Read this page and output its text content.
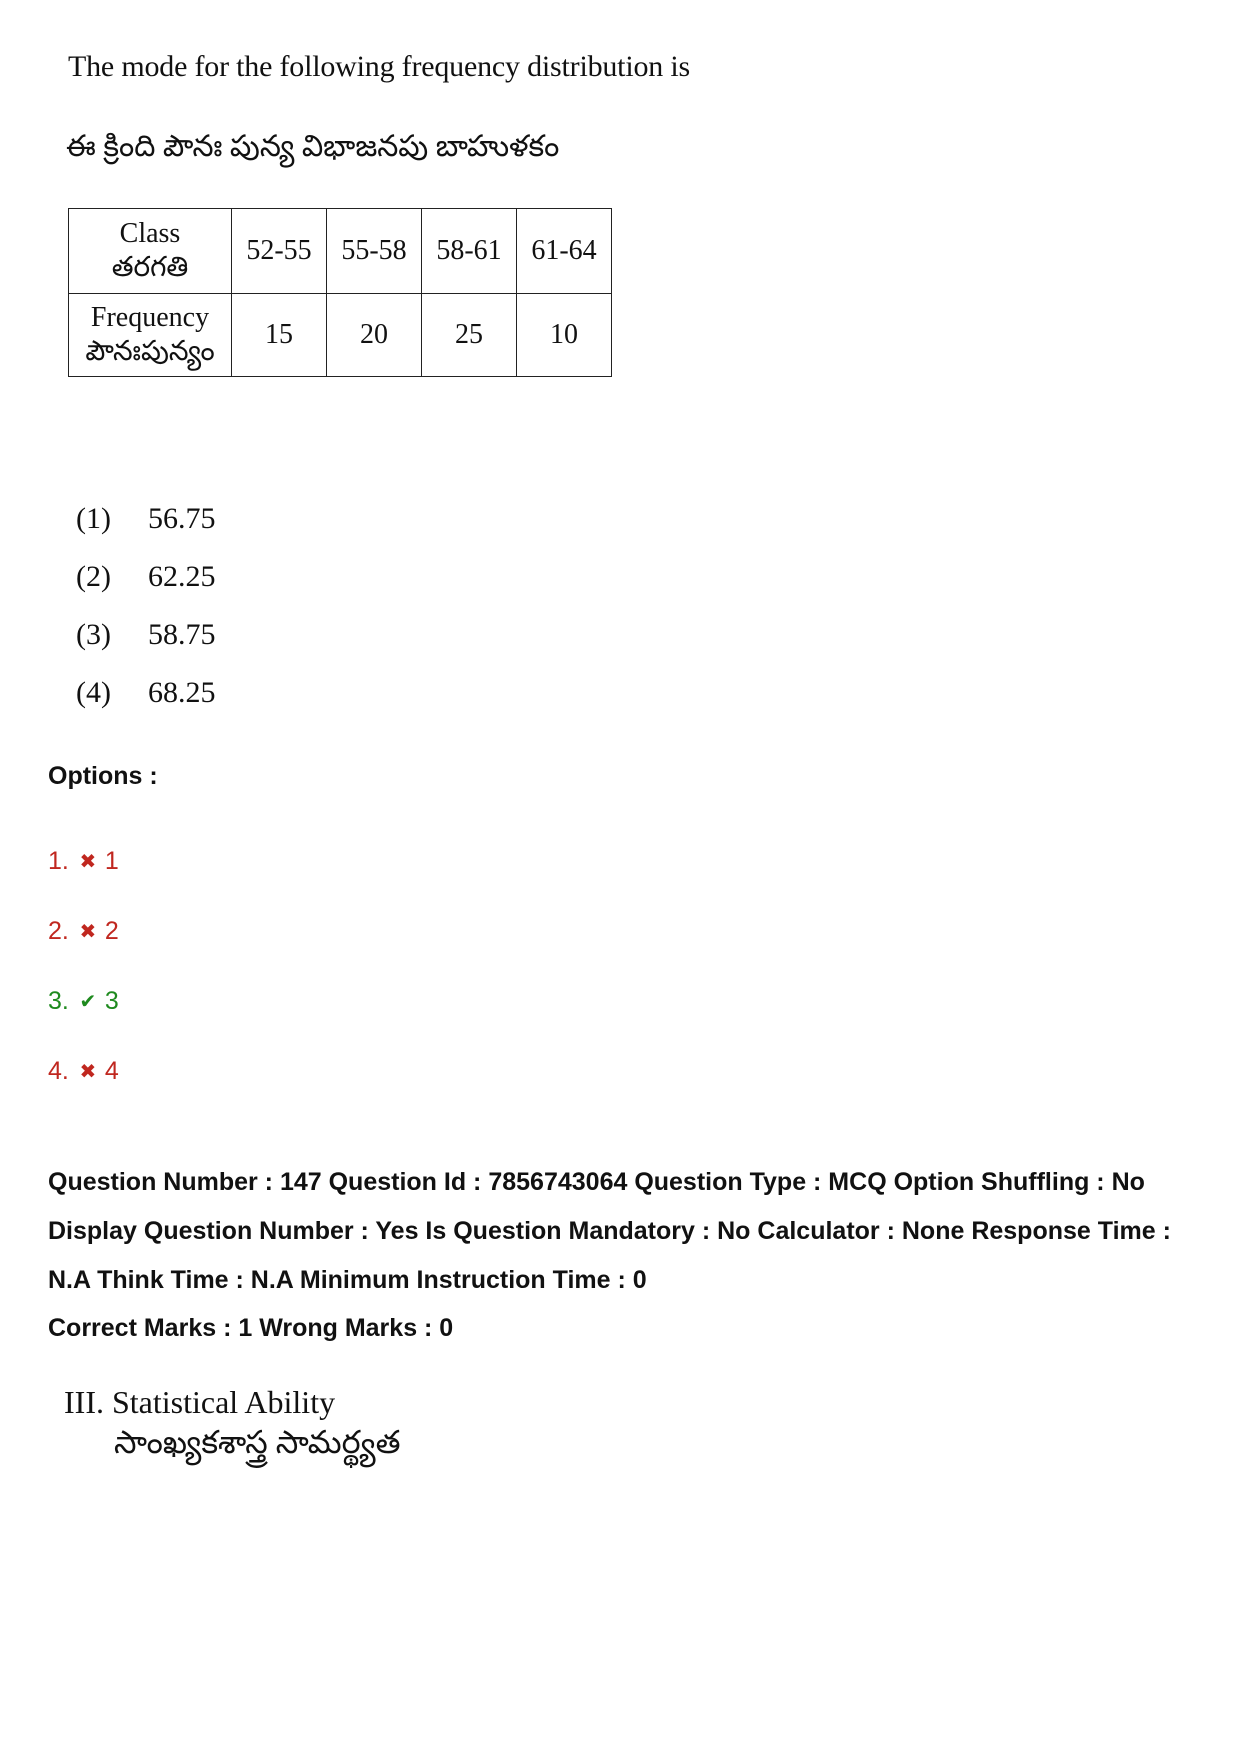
The mode for the following frequency distribution is
ఈ క్రింది పౌనః పున్య విభాజనపు బాహుళకం
Class
తరగతి	52-55	55-58	58-61	61-64

Frequency
పౌనఃపున్యం	15	20	25	10
(1)	56.75
(2)	62.25
(3)	58.75
(4)	68.25
Options :
1. ✖ 1
2. ✖ 2
3. ✔ 3
4. ✖ 4
Question Number : 147 Question Id : 7856743064 Question Type : MCQ Option Shuffling : No Display Question Number : Yes Is Question Mandatory : No Calculator : None Response Time : N.A Think Time : N.A Minimum Instruction Time : 0
Correct Marks : 1 Wrong Marks : 0
III. Statistical Ability
సాంఖ్యకశాస్త్ర సామర్థ్యత
